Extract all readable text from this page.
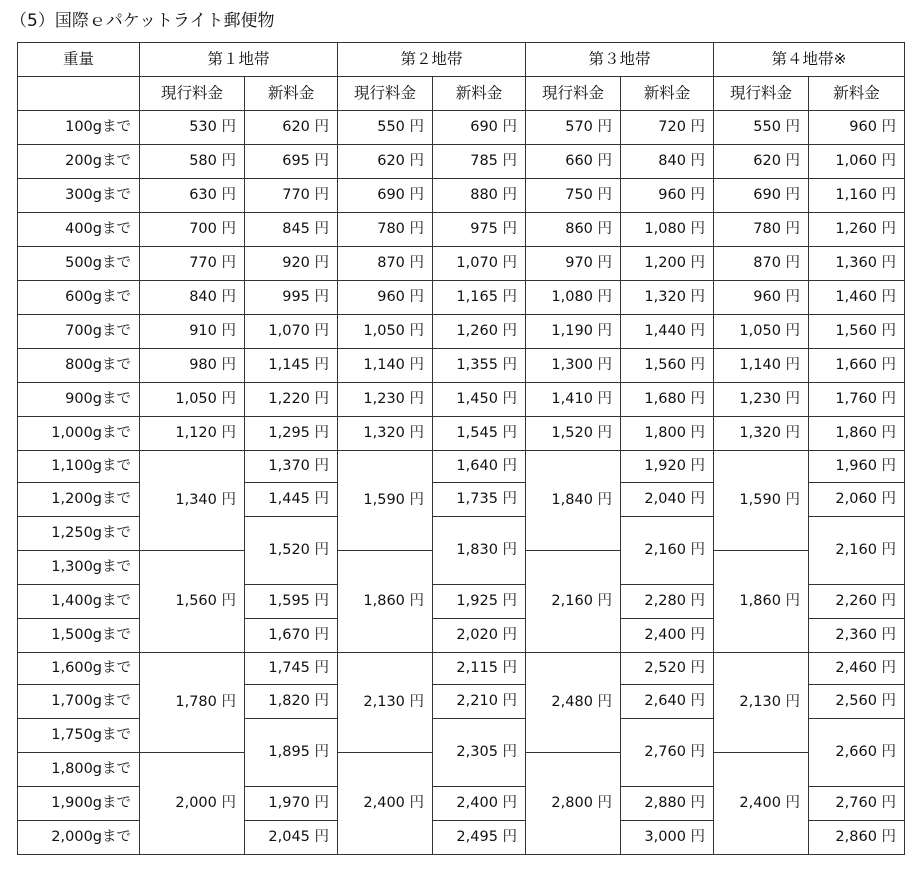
（5）国際ｅパケットライト郵便物
重量	第１地帯		第２地帯		第３地帯		第４地帯※	
	現行料金	新料金	現行料金	新料金	現行料金	新料金	現行料金	新料金
100gまで	530 円	620 円	550 円	690 円	570 円	720 円	550 円	960 円
200gまで	580 円	695 円	620 円	785 円	660 円	840 円	620 円	1,060 円
300gまで	630 円	770 円	690 円	880 円	750 円	960 円	690 円	1,160 円
400gまで	700 円	845 円	780 円	975 円	860 円	1,080 円	780 円	1,260 円
500gまで	770 円	920 円	870 円	1,070 円	970 円	1,200 円	870 円	1,360 円
600gまで	840 円	995 円	960 円	1,165 円	1,080 円	1,320 円	960 円	1,460 円
700gまで	910 円	1,070 円	1,050 円	1,260 円	1,190 円	1,440 円	1,050 円	1,560 円
800gまで	980 円	1,145 円	1,140 円	1,355 円	1,300 円	1,560 円	1,140 円	1,660 円
900gまで	1,050 円	1,220 円	1,230 円	1,450 円	1,410 円	1,680 円	1,230 円	1,760 円
1,000gまで	1,120 円	1,295 円	1,320 円	1,545 円	1,520 円	1,800 円	1,320 円	1,860 円
1,100gまで	1,340 円	1,370 円	1,590 円	1,640 円	1,840 円	1,920 円	1,590 円	1,960 円
1,200gまで		1,445 円		1,735 円		2,040 円		2,060 円
1,250gまで		1,520 円		1,830 円		2,160 円		2,160 円
1,300gまで	1,560 円		1,860 円		2,160 円		1,860 円	
1,400gまで		1,595 円		1,925 円		2,280 円		2,260 円
1,500gまで		1,670 円		2,020 円		2,400 円		2,360 円
1,600gまで	1,780 円	1,745 円	2,130 円	2,115 円	2,480 円	2,520 円	2,130 円	2,460 円
1,700gまで		1,820 円		2,210 円		2,640 円		2,560 円
1,750gまで		1,895 円		2,305 円		2,760 円		2,660 円
1,800gまで	2,000 円		2,400 円		2,800 円		2,400 円	
1,900gまで		1,970 円		2,400 円		2,880 円		2,760 円
2,000gまで		2,045 円		2,495 円		3,000 円		2,860 円
